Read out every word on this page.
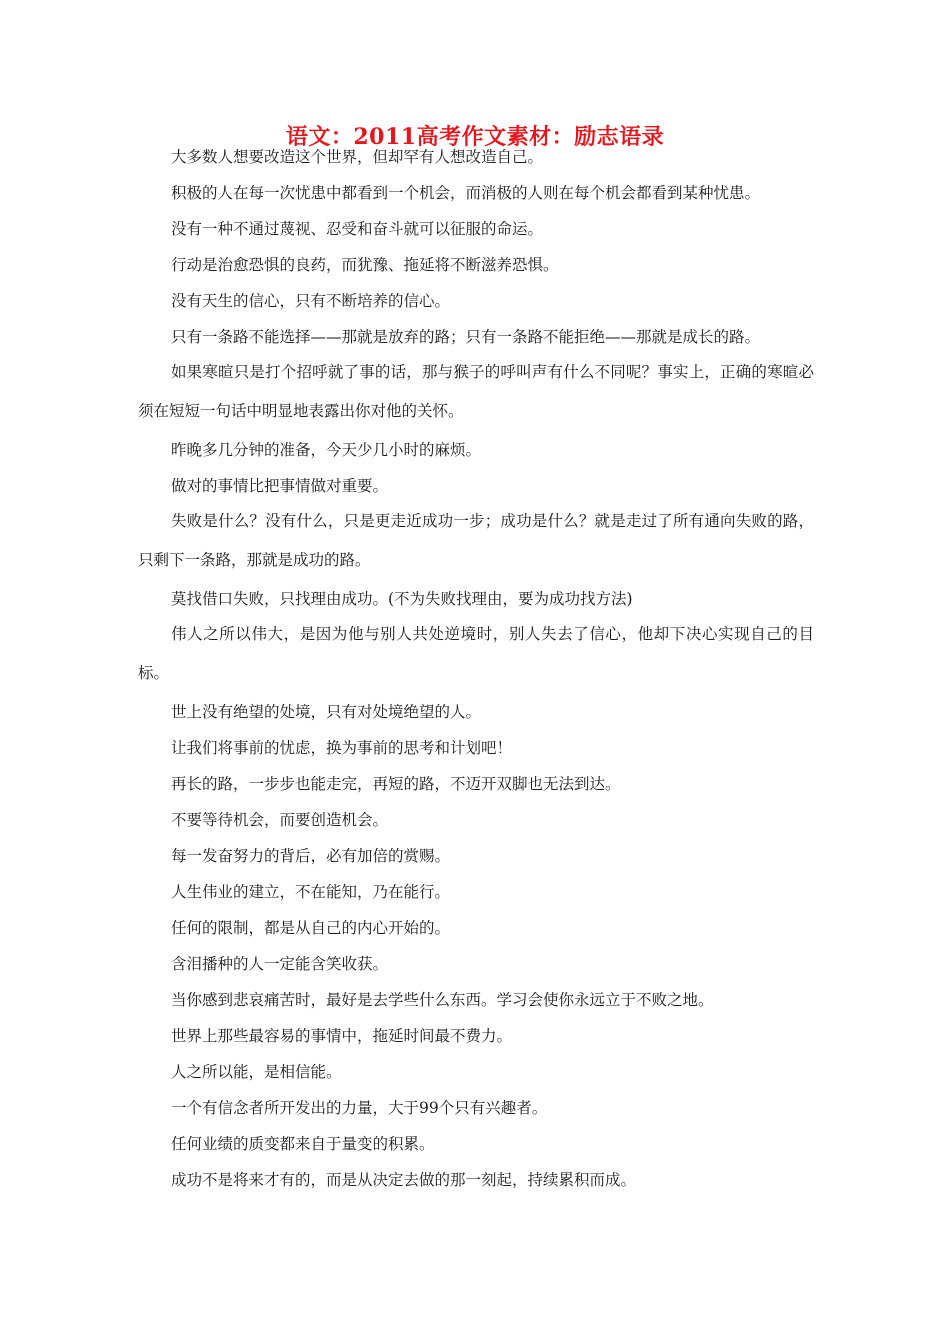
语文：2011高考作文素材：励志语录

大多数人想要改造这个世界，但却罕有人想改造自己。

积极的人在每一次忧患中都看到一个机会，而消极的人则在每个机会都看到某种忧患。

没有一种不通过蔑视、忍受和奋斗就可以征服的命运。

行动是治愈恐惧的良药，而犹豫、拖延将不断滋养恐惧。

没有天生的信心，只有不断培养的信心。

只有一条路不能选择——那就是放弃的路；只有一条路不能拒绝——那就是成长的路。

如果寒暄只是打个招呼就了事的话，那与猴子的呼叫声有什么不同呢？事实上，正确的寒暄必须在短短一句话中明显地表露出你对他的关怀。

昨晚多几分钟的准备，今天少几小时的麻烦。

做对的事情比把事情做对重要。

失败是什么？没有什么，只是更走近成功一步；成功是什么？就是走过了所有通向失败的路，只剩下一条路，那就是成功的路。

莫找借口失败，只找理由成功。(不为失败找理由，要为成功找方法)

伟人之所以伟大，是因为他与别人共处逆境时，别人失去了信心，他却下决心实现自己的目标。

世上没有绝望的处境，只有对处境绝望的人。

让我们将事前的忧虑，换为事前的思考和计划吧！

再长的路，一步步也能走完，再短的路，不迈开双脚也无法到达。

不要等待机会，而要创造机会。

每一发奋努力的背后，必有加倍的赏赐。

人生伟业的建立，不在能知，乃在能行。

任何的限制，都是从自己的内心开始的。

含泪播种的人一定能含笑收获。

当你感到悲哀痛苦时，最好是去学些什么东西。学习会使你永远立于不败之地。

世界上那些最容易的事情中，拖延时间最不费力。

人之所以能，是相信能。

一个有信念者所开发出的力量，大于99个只有兴趣者。

任何业绩的质变都来自于量变的积累。

成功不是将来才有的，而是从决定去做的那一刻起，持续累积而成。
